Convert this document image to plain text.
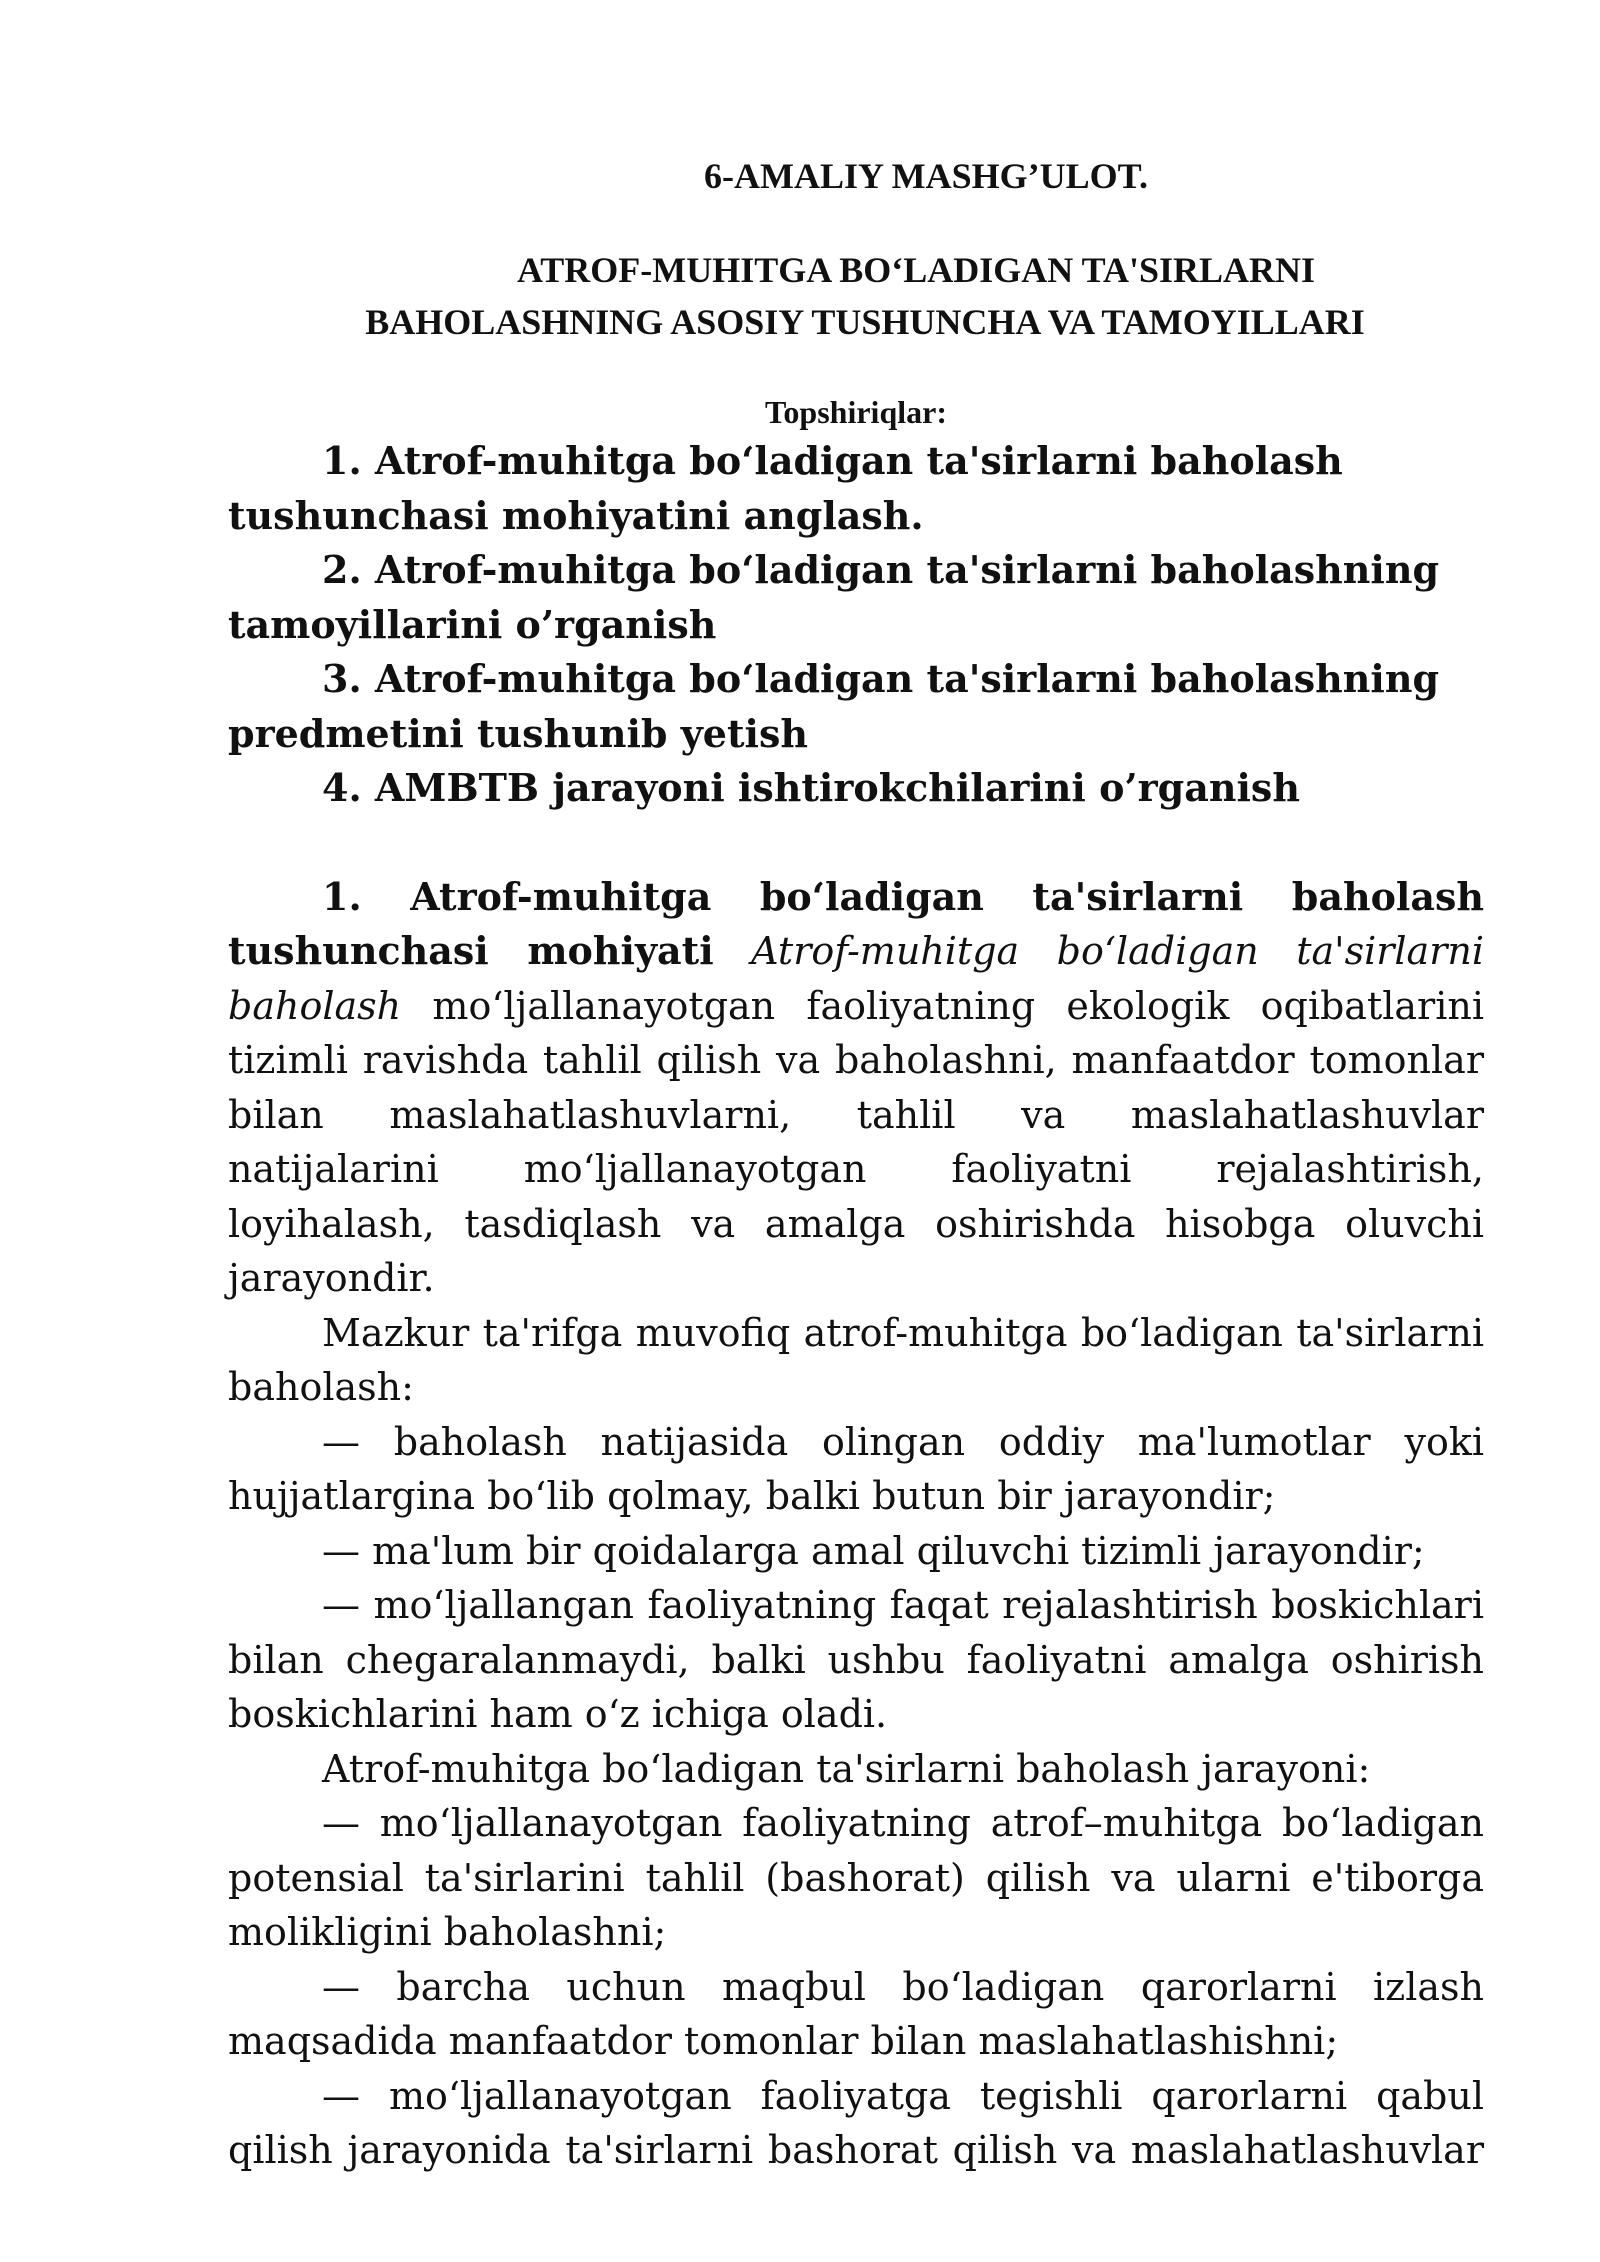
6-AMALIY MASHG’ULOT.
ATROF-MUHITGA BOʻLADIGAN TA'SIRLARNI
BAHOLASHNING ASOSIY TUSHUNCHA VA TAMOYILLARI
Topshiriqlar:

1. Atrof-muhitga boʻladigan ta'sirlarni baholash tushunchasi mohiyatini anglash.

2. Atrof-muhitga boʻladigan ta'sirlarni baholashning tamoyillarini o’rganish

3. Atrof-muhitga boʻladigan ta'sirlarni baholashning predmetini tushunib yetish

4. AMBTB jarayoni ishtirokchilarini o’rganish

1. Atrof-muhitga boʻladigan ta'sirlarni baholash tushunchasi mohiyati Atrof-muhitga boʻladigan ta'sirlarni baholash moʻljallanayotgan faoliyatning ekologik oqibatlarini tizimli ravishda tahlil qilish va baholashni, manfaatdor tomonlar bilan maslahatlashuvlarni, tahlil va maslahatlashuvlar natijalarini moʻljallanayotgan faoliyatni rejalashtirish, loyihalash, tasdiqlash va amalga oshirishda hisobga oluvchi jarayondir.

Mazkur ta'rifga muvofiq atrof-muhitga boʻladigan ta'sirlarni baholash:

— baholash natijasida olingan oddiy ma'lumotlar yoki hujjatlargina boʻlib qolmay, balki butun bir jarayondir;

— ma'lum bir qoidalarga amal qiluvchi tizimli jarayondir;

— moʻljallangan faoliyatning faqat rejalashtirish boskichlari bilan chegaralanmaydi, balki ushbu faoliyatni amalga oshirish boskichlarini ham oʻz ichiga oladi.

Atrof-muhitga boʻladigan ta'sirlarni baholash jarayoni:

— moʻljallanayotgan faoliyatning atrof–muhitga boʻladigan potensial ta'sirlarini tahlil (bashorat) qilish va ularni e'tiborga molikligini baholashni;

— barcha uchun maqbul boʻladigan qarorlarni izlash maqsadida manfaatdor tomonlar bilan maslahatlashishni;

— moʻljallanayotgan faoliyatga tegishli qarorlarni qabul qilish jarayonida ta'sirlarni bashorat qilish va maslahatlashuvlar
